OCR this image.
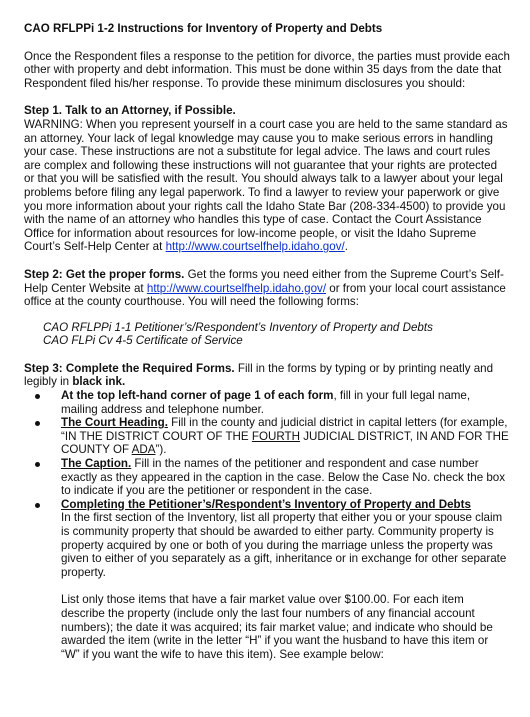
CAO RFLPPi 1-2 Instructions for Inventory of Property and Debts

Once the Respondent files a response to the petition for divorce, the parties must provide each other with property and debt information. This must be done within 35 days from the date that Respondent filed his/her response. To provide these minimum disclosures you should:

Step 1. Talk to an Attorney, if Possible.

WARNING: When you represent yourself in a court case you are held to the same standard as an attorney. Your lack of legal knowledge may cause you to make serious errors in handling your case. These instructions are not a substitute for legal advice. The laws and court rules are complex and following these instructions will not guarantee that your rights are protected or that you will be satisfied with the result. You should always talk to a lawyer about your legal problems before filing any legal paperwork. To find a lawyer to review your paperwork or give you more information about your rights call the Idaho State Bar (208-334-4500) to provide you with the name of an attorney who handles this type of case. Contact the Court Assistance Office for information about resources for low-income people, or visit the Idaho Supreme Court’s Self-Help Center at http://www.courtselfhelp.idaho.gov/.

Step 2: Get the proper forms. Get the forms you need either from the Supreme Court’s Self-Help Center Website at http://www.courtselfhelp.idaho.gov/ or from your local court assistance office at the county courthouse. You will need the following forms:

CAO RFLPPi 1-1 Petitioner’s/Respondent’s Inventory of Property and Debts
CAO FLPi Cv 4-5 Certificate of Service

Step 3: Complete the Required Forms. Fill in the forms by typing or by printing neatly and legibly in black ink.

At the top left-hand corner of page 1 of each form, fill in your full legal name, mailing address and telephone number.
The Court Heading. Fill in the county and judicial district in capital letters (for example, “IN THE DISTRICT COURT OF THE FOURTH JUDICIAL DISTRICT, IN AND FOR THE COUNTY OF ADA”).
The Caption. Fill in the names of the petitioner and respondent and case number exactly as they appeared in the caption in the case. Below the Case No. check the box to indicate if you are the petitioner or respondent in the case.
Completing the Petitioner’s/Respondent’s Inventory of Property and Debts
In the first section of the Inventory, list all property that either you or your spouse claim is community property that should be awarded to either party. Community property is property acquired by one or both of you during the marriage unless the property was given to either of you separately as a gift, inheritance or in exchange for other separate property.
List only those items that have a fair market value over $100.00. For each item describe the property (include only the last four numbers of any financial account numbers); the date it was acquired; its fair market value; and indicate who should be awarded the item (write in the letter “H” if you want the husband to have this item or “W” if you want the wife to have this item). See example below:
